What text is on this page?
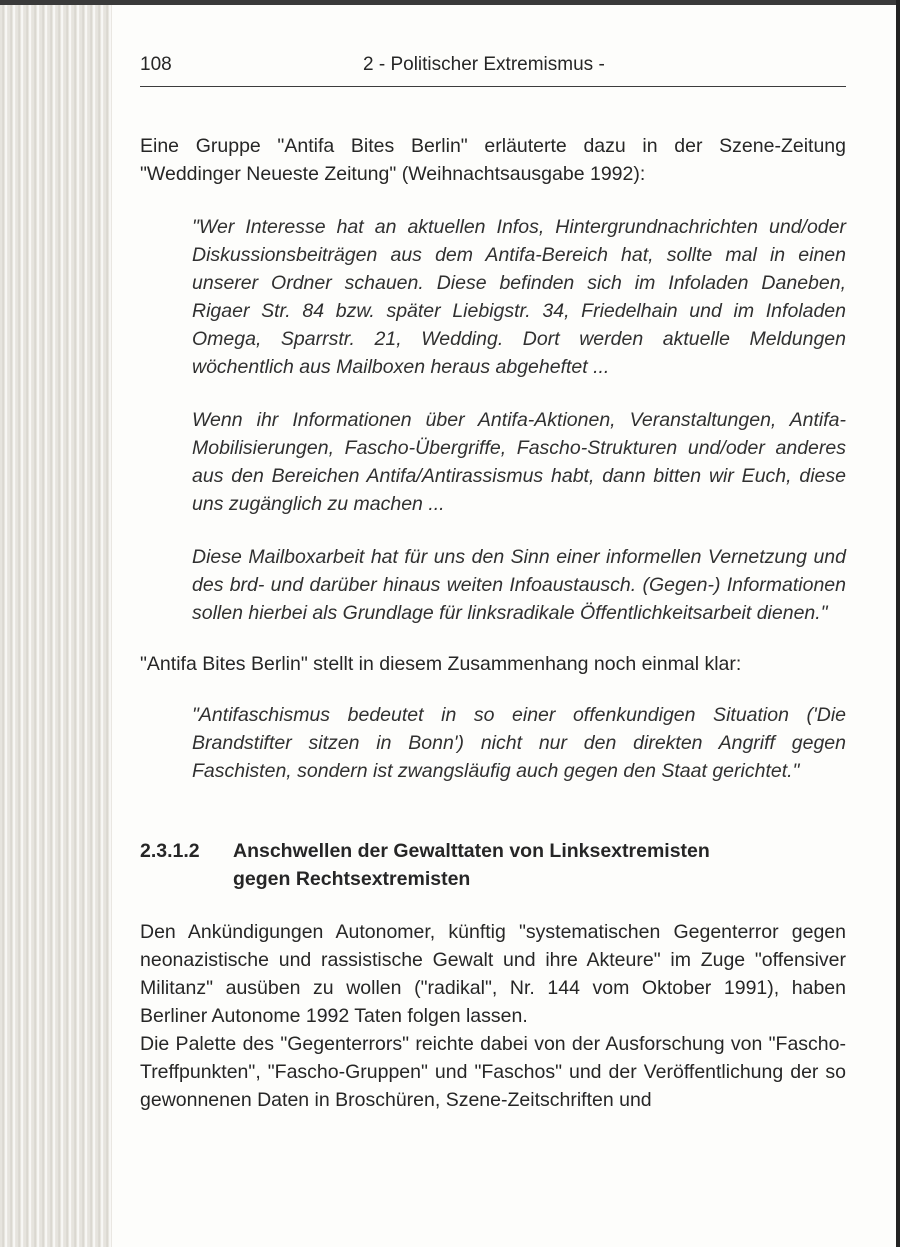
108	2 - Politischer Extremismus -

Eine Gruppe "Antifa Bites Berlin" erläuterte dazu in der Szene-Zeitung "Weddinger Neueste Zeitung" (Weihnachtsausgabe 1992):

"Wer Interesse hat an aktuellen Infos, Hintergrundnachrichten und/oder Diskussionsbeiträgen aus dem Antifa-Bereich hat, sollte mal in einen unserer Ordner schauen. Diese befinden sich im Infoladen Daneben, Rigaer Str. 84 bzw. später Liebigstr. 34, Friedelhain und im Infoladen Omega, Sparrstr. 21, Wedding. Dort werden aktuelle Meldungen wöchentlich aus Mailboxen heraus abgeheftet ...

Wenn ihr Informationen über Antifa-Aktionen, Veranstaltungen, Antifa-Mobilisierungen, Fascho-Übergriffe, Fascho-Strukturen und/oder anderes aus den Bereichen Antifa/Antirassismus habt, dann bitten wir Euch, diese uns zugänglich zu machen ...

Diese Mailboxarbeit hat für uns den Sinn einer informellen Vernetzung und des brd- und darüber hinaus weiten Infoaustausch. (Gegen-) Informationen sollen hierbei als Grundlage für linksradikale Öffentlichkeitsarbeit dienen."

"Antifa Bites Berlin" stellt in diesem Zusammenhang noch einmal klar:

"Antifaschismus bedeutet in so einer offenkundigen Situation ('Die Brandstifter sitzen in Bonn') nicht nur den direkten Angriff gegen Faschisten, sondern ist zwangsläufig auch gegen den Staat gerichtet."

2.3.1.2	Anschwellen der Gewalttaten von Linksextremisten
gegen Rechtsextremisten

Den Ankündigungen Autonomer, künftig "systematischen Gegenterror gegen neonazistische und rassistische Gewalt und ihre Akteure" im Zuge "offensiver Militanz" ausüben zu wollen ("radikal", Nr. 144 vom Oktober 1991), haben Berliner Autonome 1992 Taten folgen lassen.

Die Palette des "Gegenterrors" reichte dabei von der Ausforschung von "Fascho-Treffpunkten", "Fascho-Gruppen" und "Faschos" und der Veröffentlichung der so gewonnenen Daten in Broschüren, Szene-Zeitschriften und
